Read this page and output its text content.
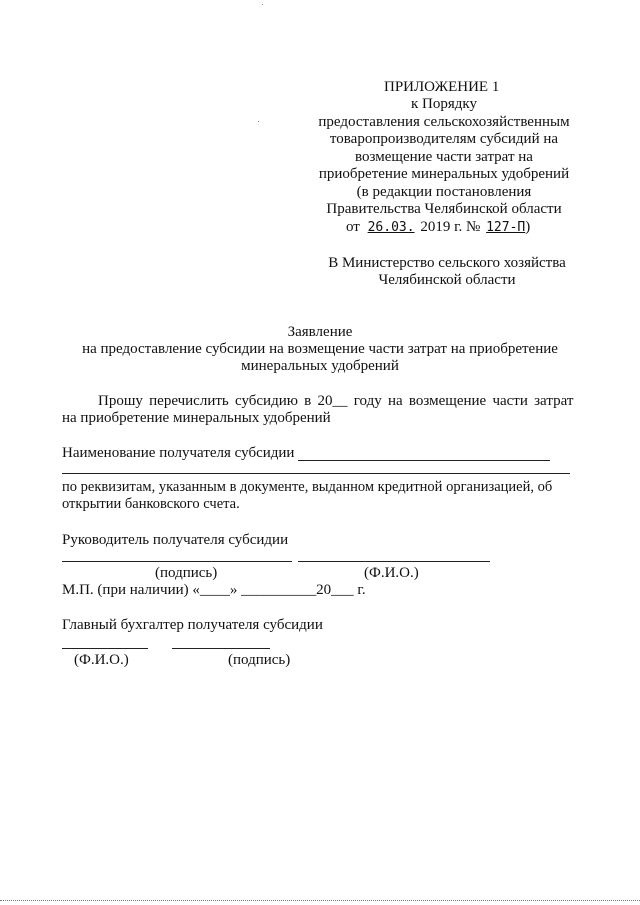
ПРИЛОЖЕНИЕ 1
к Порядку
предоставления сельскохозяйственным
товаропроизводителям субсидий на
возмещение части затрат на
приобретение минеральных удобрений
(в редакции постановления
Правительства Челябинской области
от 26.03. 2019 г. № 127-П)
В Министерство сельского хозяйства
Челябинской области
Заявление
на предоставление субсидии на возмещение части затрат на приобретение
минеральных удобрений
Прошу перечислить субсидию в 20__ году на возмещение части затрат
на приобретение минеральных удобрений
Наименование получателя субсидии
по реквизитам, указанным в документе, выданном кредитной организацией, об
открытии банковского счета.
Руководитель получателя субсидии
(подпись)	(Ф.И.О.)
М.П. (при наличии) «____» __________20___ г.
Главный бухгалтер получателя субсидии
(Ф.И.О.)	(подпись)
